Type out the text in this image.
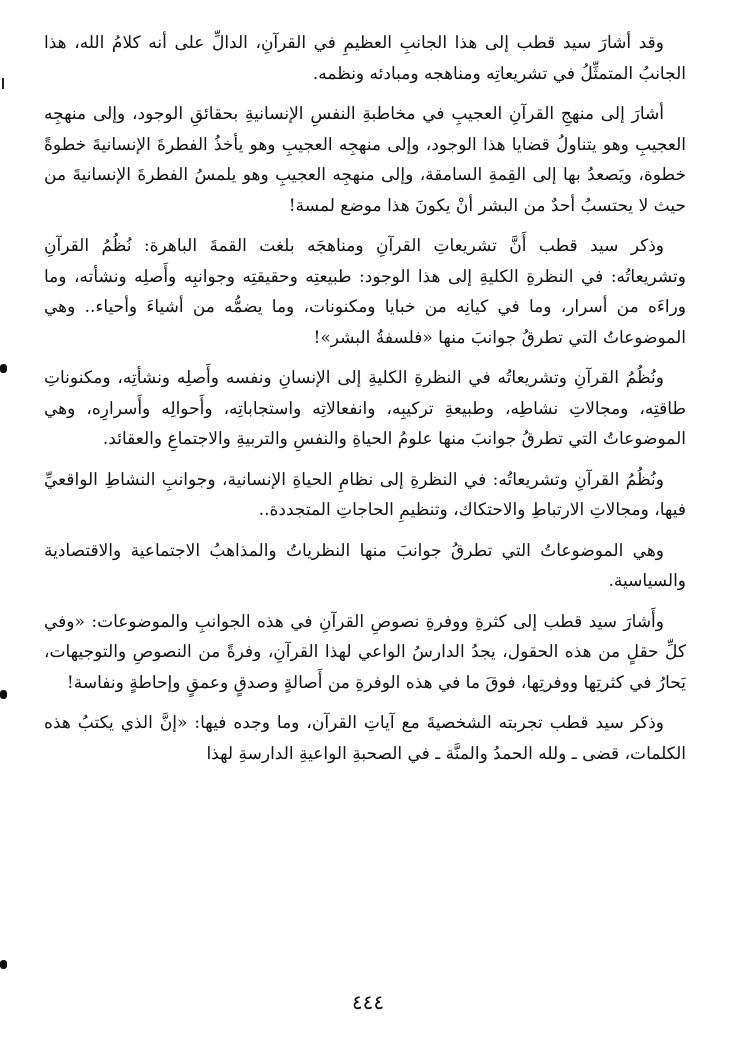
وقد أشارَ سيد قطب إلى هذا الجانبِ العظيمِ في القرآنِ، الدالِّ على أنه كلامُ الله، هذا الجانبُ المتمثِّلُ في تشريعاتِه ومناهجه ومبادئه ونظمه.

أشارَ إلى منهجِ القرآنِ العجيبِ في مخاطبةِ النفسِ الإنسانيةِ بحقائقِ الوجود، وإلى منهجِه العجيبِ وهو يتناولُ قضايا هذا الوجود، وإلى منهجِه العجيبِ وهو يأخذُ الفطرةَ الإنسانيةَ خطوةً خطوة، ويَصعدُ بها إلى القِمةِ السامقة، وإلى منهجِه العجيبِ وهو يلمسُ الفطرةَ الإنسانيةَ من حيث لا يحتسبُ أحدٌ من البشر أنْ يكونَ هذا موضع لمسة!

وذكر سيد قطب أَنَّ تشريعاتِ القرآنِ ومناهجَه بلغت القمةَ الباهرة: نُظُمُ القرآنِ وتشريعاتُه: في النظرةِ الكليةِ إلى هذا الوجود: طبيعتِه وحقيقتِه وجوانبِه وأَصلِه ونشأته، وما وراءَه من أسرار، وما في كيانِه من خبايا ومكنونات، وما يضمُّه من أشياءَ وأحياء.. وهي الموضوعاتُ التي تطرقُ جوانبَ منها «فلسفةُ البشر»!

ونُظُمُ القرآنِ وتشريعاتُه في النظرةِ الكليةِ إلى الإنسانِ ونفسه وأَصلِه ونشأتِه، ومكنوناتِ طاقتِه، ومجالاتِ نشاطِه، وطبيعةِ تركيبِه، وانفعالاتِه واستجاباتِه، وأَحوالِه وأَسرارِه، وهي الموضوعاتُ التي تطرقُ جوانبَ منها علومُ الحياةِ والنفسِ والتربيةِ والاجتماعِ والعقائد.

ونُظُمُ القرآنِ وتشريعاتُه: في النظرةِ إلى نظامِ الحياةِ الإنسانية، وجوانبِ النشاطِ الواقعيِّ فيها، ومجالاتِ الارتباطِ والاحتكاك، وتنظيمِ الحاجاتِ المتجددة..

وهي الموضوعاتُ التي تطرقُ جوانبَ منها النظرياتُ والمذاهبُ الاجتماعية والاقتصادية والسياسية.

وأَشارَ سيد قطب إلى كثرةِ ووفرةِ نصوصِ القرآنِ في هذه الجوانبِ والموضوعات: «وفي كلِّ حقلٍ من هذه الحقول، يجدُ الدارسُ الواعي لهذا القرآنِ، وفرةً من النصوصِ والتوجيهات، يَحارُ في كثرتِها ووفرتِها، فوقَ ما في هذه الوفرةِ من أَصالةٍ وصدقٍ وعمقٍ وإحاطةٍ ونفاسة!

وذكر سيد قطب تجربته الشخصيةَ مع آياتِ القرآن، وما وجده فيها: «إنَّ الذي يكتبُ هذه الكلمات، قضى ـ ولله الحمدُ والمنَّة ـ في الصحبةِ الواعيةِ الدارسةِ لهذا

٤٤٤
